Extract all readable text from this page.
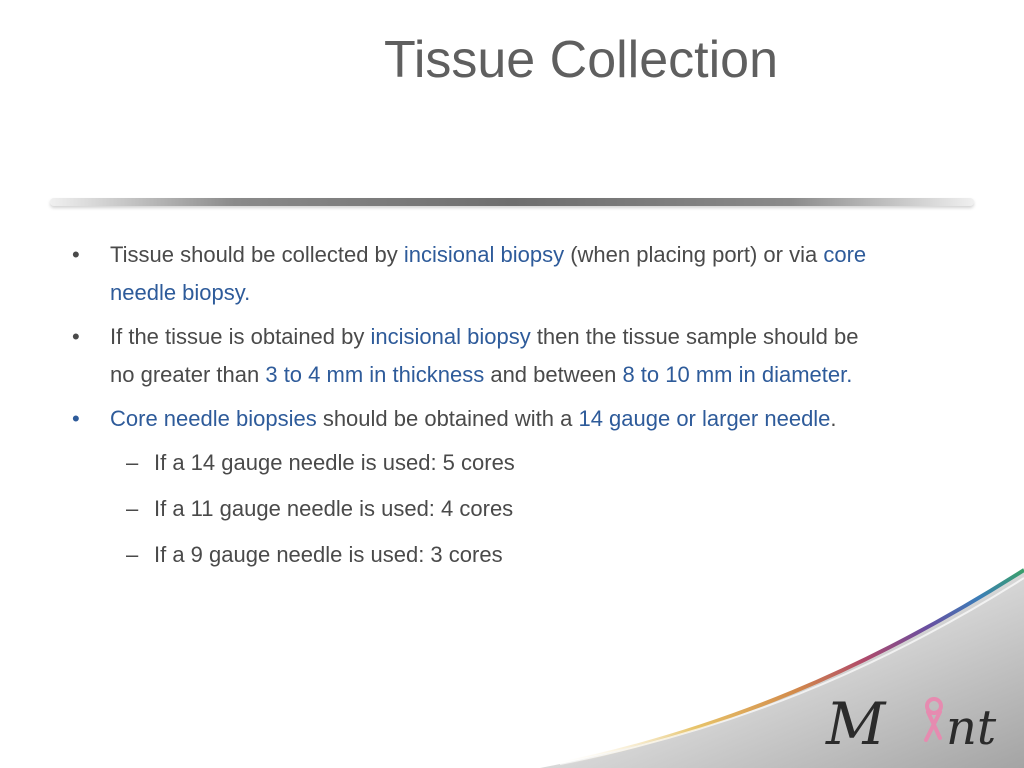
Tissue Collection
•	Tissue should be collected by incisional biopsy (when placing port) or via core needle biopsy.
•	If the tissue is obtained by incisional biopsy then the tissue sample should be no greater than 3 to 4 mm in thickness and between 8 to 10 mm in diameter.
•	Core needle biopsies should be obtained with a 14 gauge or larger needle.
– If a 14 gauge needle is used: 5 cores
– If a 11 gauge needle is used: 4 cores
– If a 9 gauge needle is used: 3 cores
M nt
